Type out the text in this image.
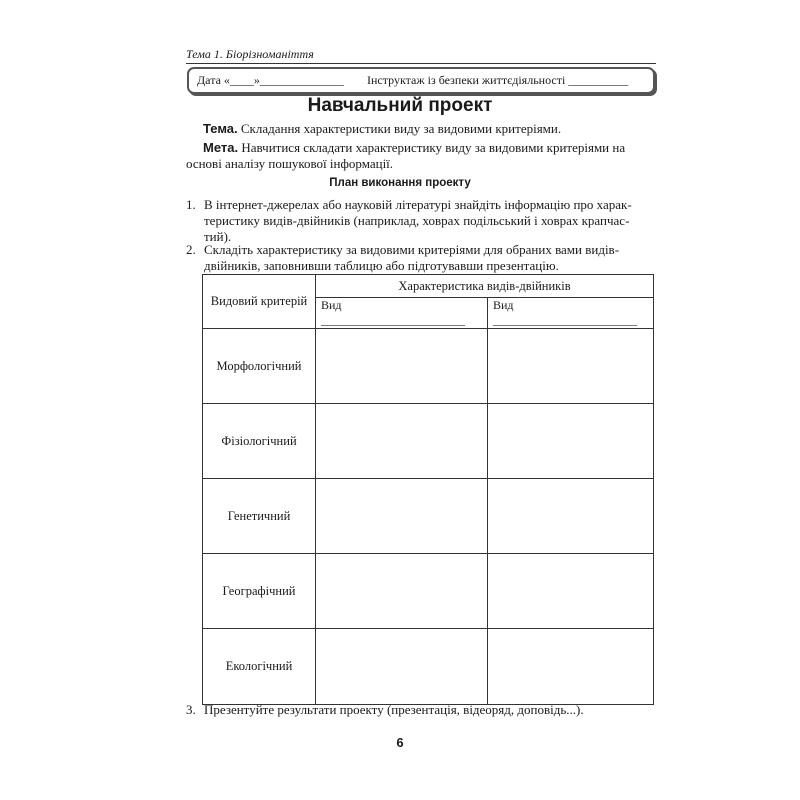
Тема 1. Біорізноманіття
Дата «____»______________ Інструктаж із безпеки життєдіяльності __________
Навчальний проект
Тема. Складання характеристики виду за видовими критеріями.
Мета. Навчитися складати характеристику виду за видовими критеріями на
основі аналізу пошукової інформації.
План виконання проекту
1. В інтернет-джерелах або науковій літературі знайдіть інформацію про харак-
теристику видів-двійників (наприклад, ховрах подільський і ховрах крапчас-
тий).
2. Складіть характеристику за видовими критеріями для обраних вами видів-
двійників, заповнивши таблицю або підготувавши презентацію.
Видовий критерій	Характеристика видів-двійників	
	Вид ________________________	Вид ________________________
Морфологічний		
Фізіологічний		
Генетичний		
Географічний		
Екологічний		
3. Презентуйте результати проекту (презентація, відеоряд, доповідь...).
6
